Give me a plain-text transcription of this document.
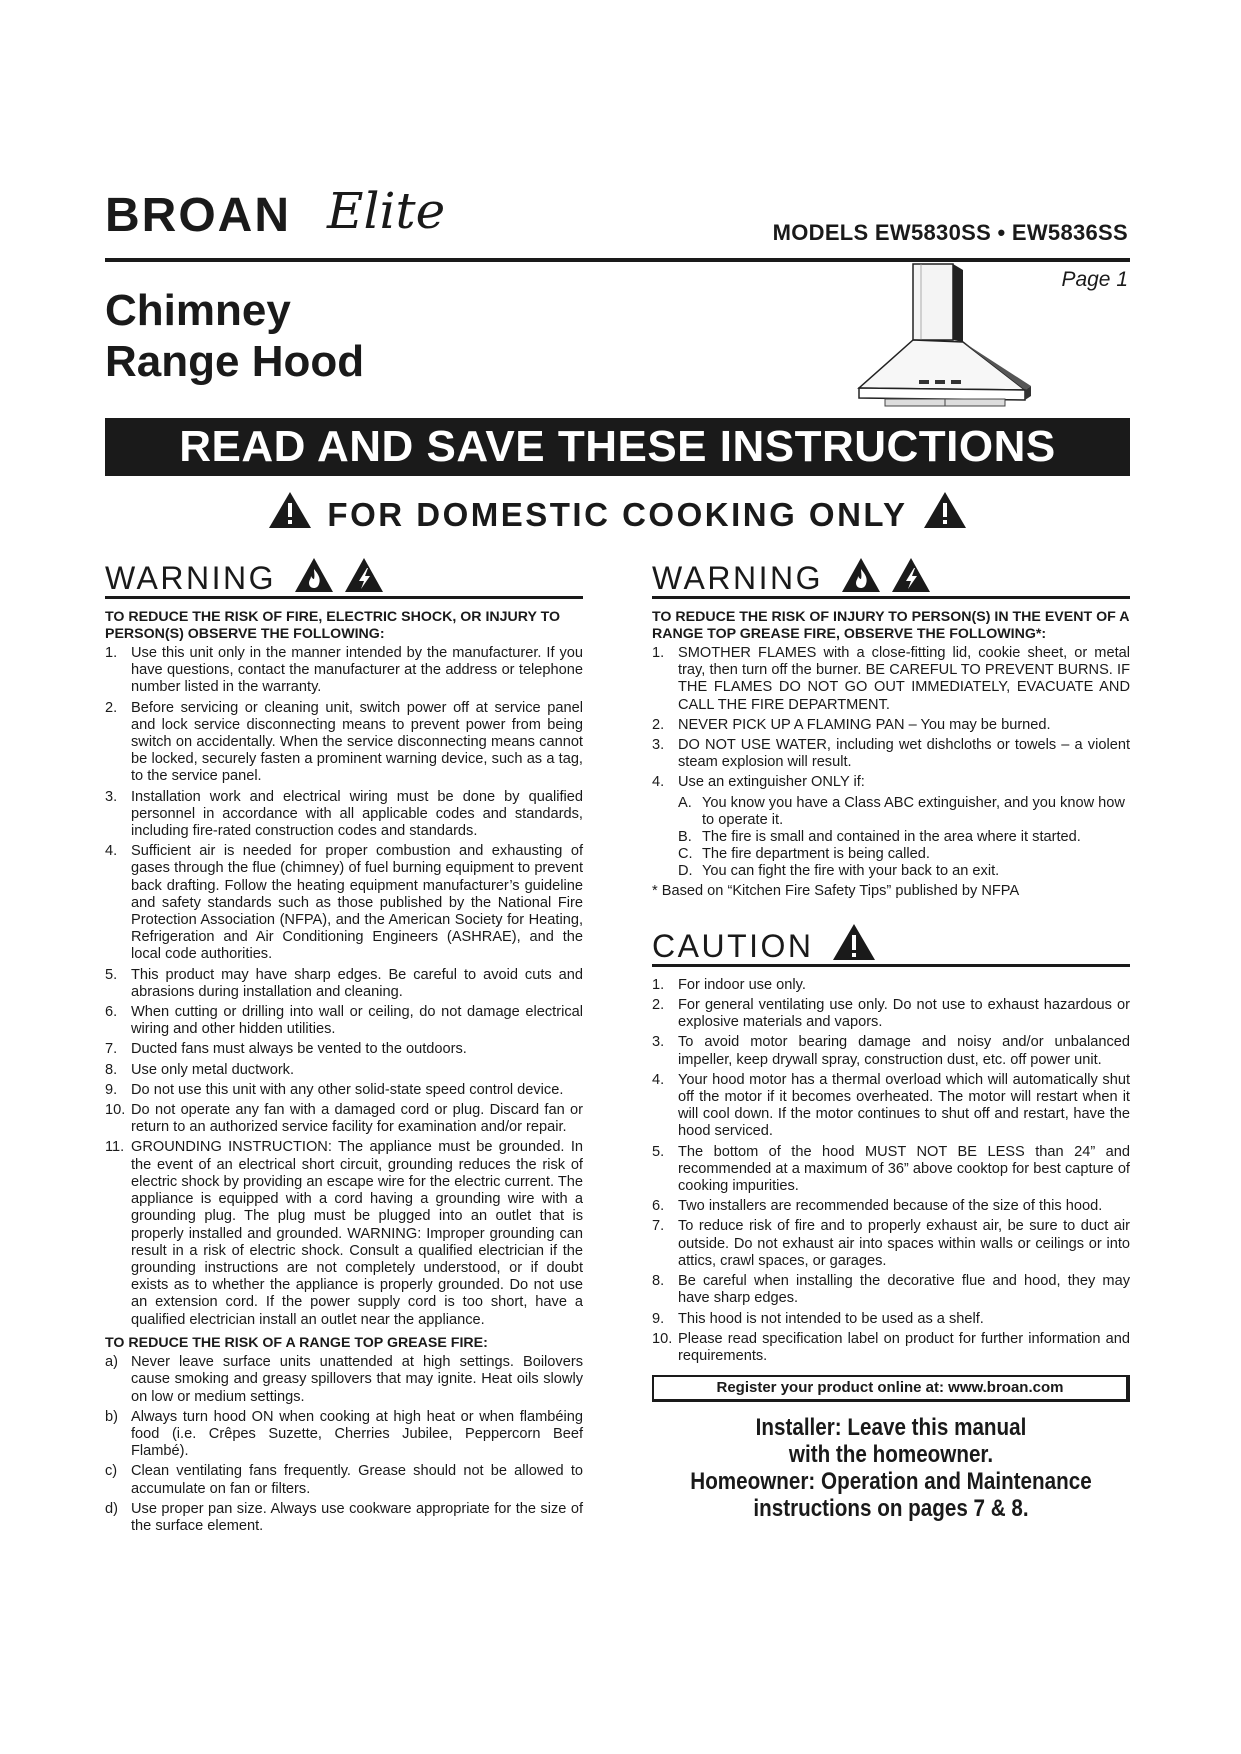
BROAN Elite	MODELS EW5830SS • EW5836SS
Page 1
Chimney
Range Hood
READ AND SAVE THESE INSTRUCTIONS
FOR DOMESTIC COOKING ONLY
WARNING
TO REDUCE THE RISK OF FIRE, ELECTRIC SHOCK, OR INJURY TO PERSON(S) OBSERVE THE FOLLOWING:
1. Use this unit only in the manner intended by the manufacturer. If you have questions, contact the manufacturer at the address or telephone number listed in the warranty.
2. Before servicing or cleaning unit, switch power off at service panel and lock service disconnecting means to prevent power from being switch on accidentally. When the service disconnecting means cannot be locked, securely fasten a prominent warning device, such as a tag, to the service panel.
3. Installation work and electrical wiring must be done by qualified personnel in accordance with all applicable codes and standards, including fire-rated construction codes and standards.
4. Sufficient air is needed for proper combustion and exhausting of gases through the flue (chimney) of fuel burning equipment to prevent back drafting. Follow the heating equipment manufacturer’s guideline and safety standards such as those published by the National Fire Protection Association (NFPA), and the American Society for Heating, Refrigeration and Air Conditioning Engineers (ASHRAE), and the local code authorities.
5. This product may have sharp edges. Be careful to avoid cuts and abrasions during installation and cleaning.
6. When cutting or drilling into wall or ceiling, do not damage electrical wiring and other hidden utilities.
7. Ducted fans must always be vented to the outdoors.
8. Use only metal ductwork.
9. Do not use this unit with any other solid-state speed control device.
10. Do not operate any fan with a damaged cord or plug. Discard fan or return to an authorized service facility for examination and/or repair.
11. GROUNDING INSTRUCTION: The appliance must be grounded. In the event of an electrical short circuit, grounding reduces the risk of electric shock by providing an escape wire for the electric current. The appliance is equipped with a cord having a grounding wire with a grounding plug. The plug must be plugged into an outlet that is properly installed and grounded. WARNING: Improper grounding can result in a risk of electric shock. Consult a qualified electrician if the grounding instructions are not completely understood, or if doubt exists as to whether the appliance is properly grounded. Do not use an extension cord. If the power supply cord is too short, have a qualified electrician install an outlet near the appliance.
TO REDUCE THE RISK OF A RANGE TOP GREASE FIRE:
a) Never leave surface units unattended at high settings. Boilovers cause smoking and greasy spillovers that may ignite. Heat oils slowly on low or medium settings.
b) Always turn hood ON when cooking at high heat or when flambéing food (i.e. Crêpes Suzette, Cherries Jubilee, Peppercorn Beef Flambé).
c) Clean ventilating fans frequently. Grease should not be allowed to accumulate on fan or filters.
d) Use proper pan size. Always use cookware appropriate for the size of the surface element.
WARNING
TO REDUCE THE RISK OF INJURY TO PERSON(S) IN THE EVENT OF A RANGE TOP GREASE FIRE, OBSERVE THE FOLLOWING*:
1. SMOTHER FLAMES with a close-fitting lid, cookie sheet, or metal tray, then turn off the burner. BE CAREFUL TO PREVENT BURNS. IF THE FLAMES DO NOT GO OUT IMMEDIATELY, EVACUATE AND CALL THE FIRE DEPARTMENT.
2. NEVER PICK UP A FLAMING PAN – You may be burned.
3. DO NOT USE WATER, including wet dishcloths or towels – a violent steam explosion will result.
4. Use an extinguisher ONLY if:
A. You know you have a Class ABC extinguisher, and you know how to operate it.
B. The fire is small and contained in the area where it started.
C. The fire department is being called.
D. You can fight the fire with your back to an exit.
* Based on “Kitchen Fire Safety Tips” published by NFPA
CAUTION
1. For indoor use only.
2. For general ventilating use only. Do not use to exhaust hazardous or explosive materials and vapors.
3. To avoid motor bearing damage and noisy and/or unbalanced impeller, keep drywall spray, construction dust, etc. off power unit.
4. Your hood motor has a thermal overload which will automatically shut off the motor if it becomes overheated. The motor will restart when it will cool down. If the motor continues to shut off and restart, have the hood serviced.
5. The bottom of the hood MUST NOT BE LESS than 24” and recommended at a maximum of 36” above cooktop for best capture of cooking impurities.
6. Two installers are recommended because of the size of this hood.
7. To reduce risk of fire and to properly exhaust air, be sure to duct air outside. Do not exhaust air into spaces within walls or ceilings or into attics, crawl spaces, or garages.
8. Be careful when installing the decorative flue and hood, they may have sharp edges.
9. This hood is not intended to be used as a shelf.
10. Please read specification label on product for further information and requirements.
Register your product online at: www.broan.com
Installer: Leave this manual
with the homeowner.
Homeowner: Operation and Maintenance
instructions on pages 7 & 8.
